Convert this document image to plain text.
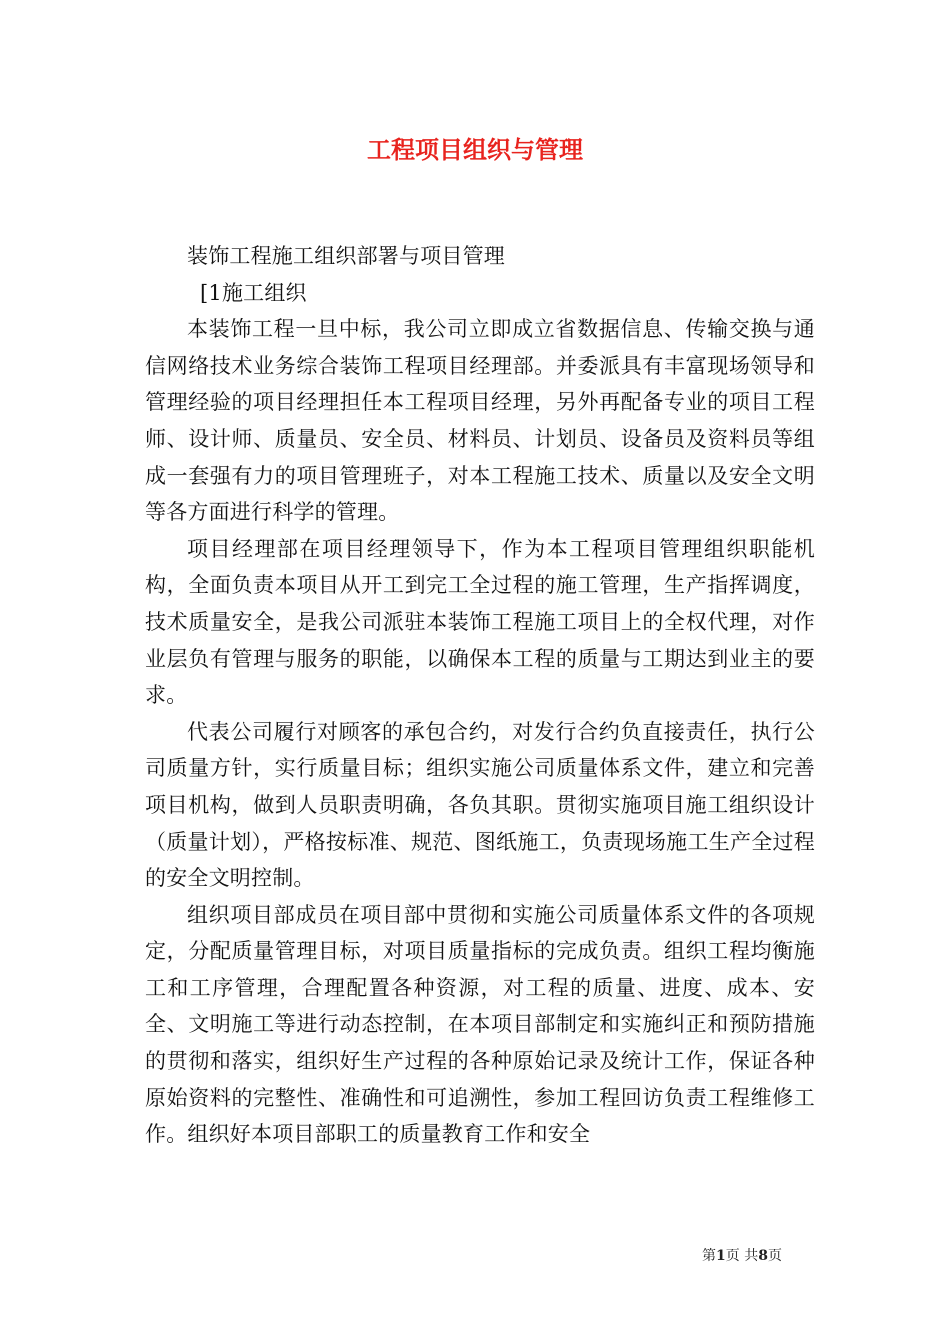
工程项目组织与管理

装饰工程施工组织部署与项目管理

[1施工组织

本装饰工程一旦中标，我公司立即成立省数据信息、传输交换与通信网络技术业务综合装饰工程项目经理部。并委派具有丰富现场领导和管理经验的项目经理担任本工程项目经理，另外再配备专业的项目工程师、设计师、质量员、安全员、材料员、计划员、设备员及资料员等组成一套强有力的项目管理班子，对本工程施工技术、质量以及安全文明等各方面进行科学的管理。

项目经理部在项目经理领导下，作为本工程项目管理组织职能机构，全面负责本项目从开工到完工全过程的施工管理，生产指挥调度，技术质量安全，是我公司派驻本装饰工程施工项目上的全权代理，对作业层负有管理与服务的职能，以确保本工程的质量与工期达到业主的要求。

代表公司履行对顾客的承包合约，对发行合约负直接责任，执行公司质量方针，实行质量目标；组织实施公司质量体系文件，建立和完善项目机构，做到人员职责明确，各负其职。贯彻实施项目施工组织设计（质量计划），严格按标准、规范、图纸施工，负责现场施工生产全过程的安全文明控制。

组织项目部成员在项目部中贯彻和实施公司质量体系文件的各项规定，分配质量管理目标，对项目质量指标的完成负责。组织工程均衡施工和工序管理，合理配置各种资源，对工程的质量、进度、成本、安全、文明施工等进行动态控制，在本项目部制定和实施纠正和预防措施的贯彻和落实，组织好生产过程的各种原始记录及统计工作，保证各种原始资料的完整性、准确性和可追溯性，参加工程回访负责工程维修工作。组织好本项目部职工的质量教育工作和安全

第1页 共8页
